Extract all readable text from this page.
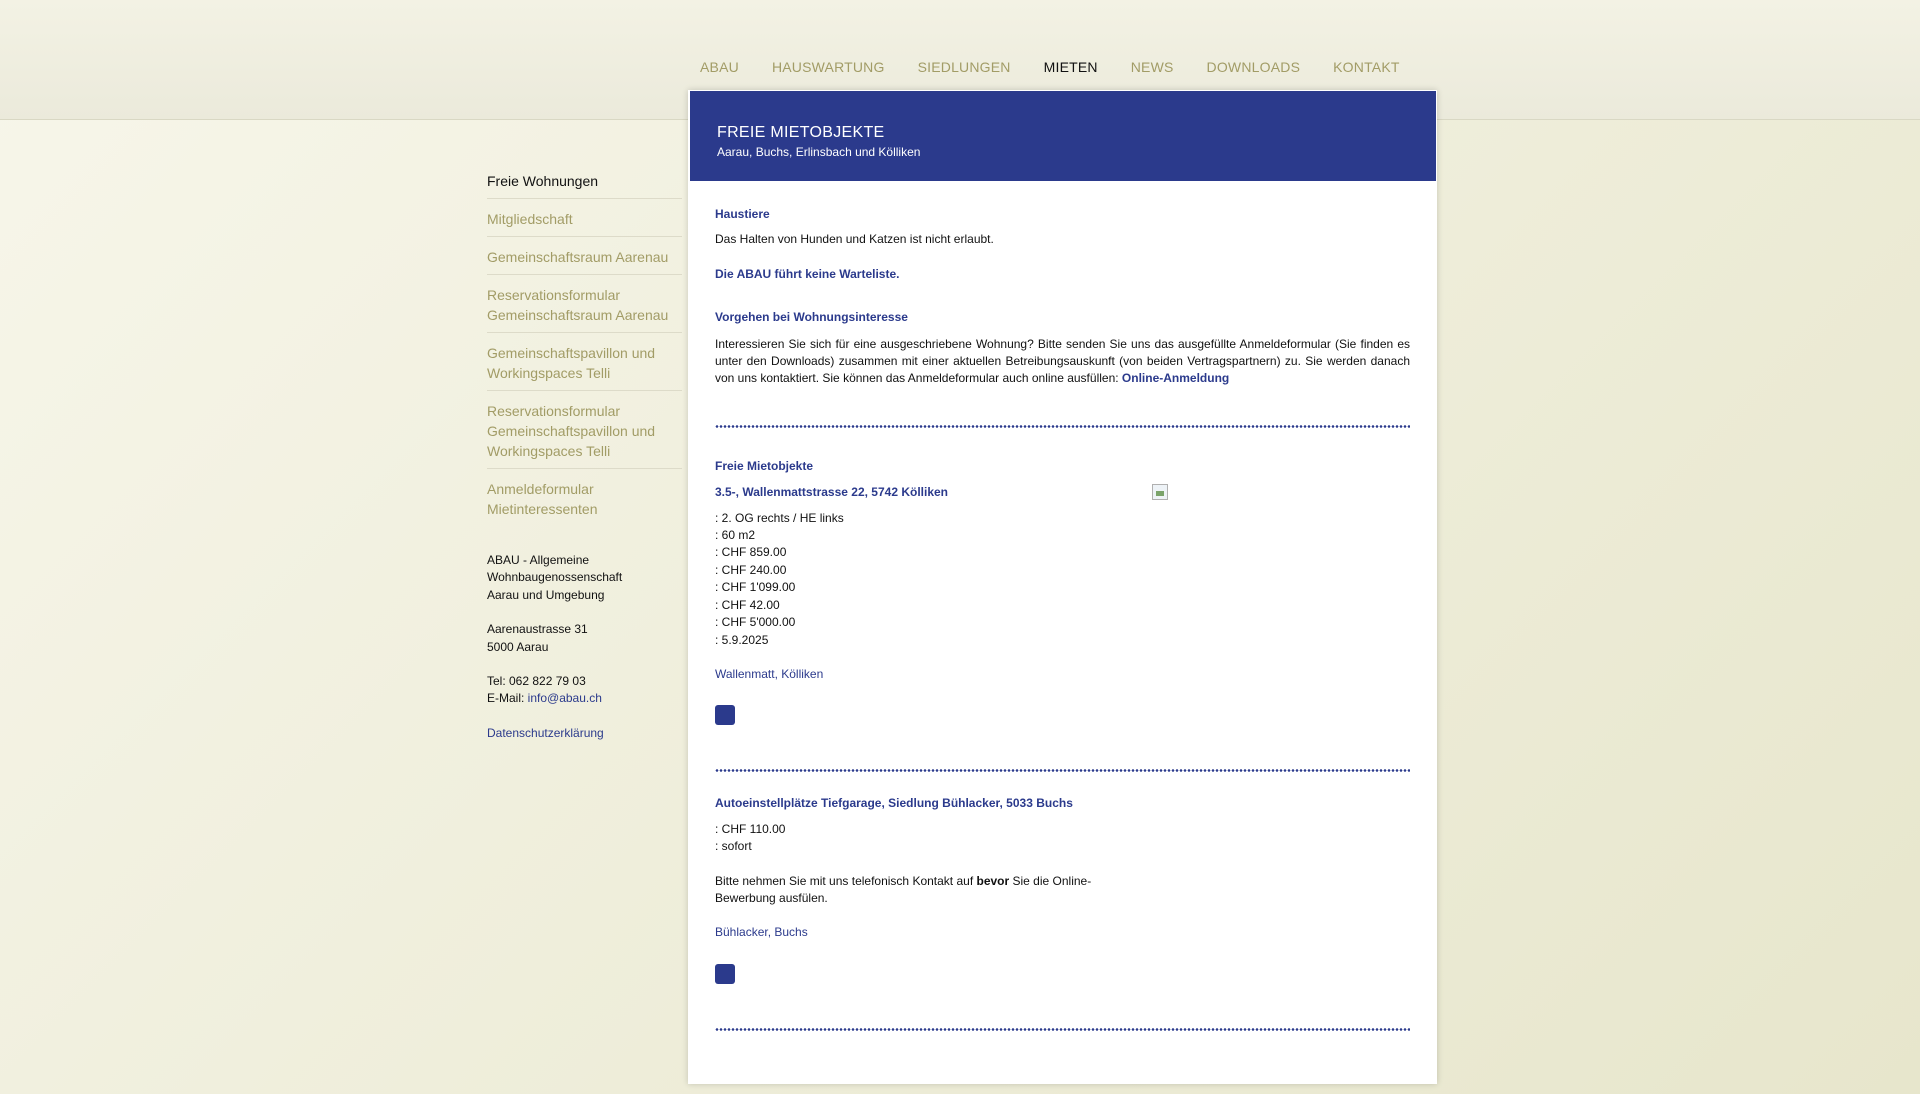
ABAU HAUSWARTUNG SIEDLUNGEN MIETEN NEWS DOWNLOADS KONTAKT
FREIE MIETOBJEKTE
Aarau, Buchs, Erlinsbach und Kölliken
Freie Wohnungen
Mitgliedschaft
Gemeinschaftsraum Aarenau
Reservationsformular Gemeinschaftsraum Aarenau
Gemeinschaftspavillon und Workingspaces Telli
Reservationsformular Gemeinschaftspavillon und Workingspaces Telli
Anmeldeformular Mietinteressenten
ABAU - Allgemeine
Wohnbaugenossenschaft
Aarau und Umgebung
Aarenaustrasse 31
5000 Aarau
Tel: 062 822 79 03
E-Mail: info@abau.ch
Datenschutzerklärung
Haustiere
Das Halten von Hunden und Katzen ist nicht erlaubt.
Die ABAU führt keine Warteliste.
Vorgehen bei Wohnungsinteresse

Interessieren Sie sich für eine ausgeschriebene Wohnung? Bitte senden Sie uns das ausgefüllte Anmeldeformular (Sie finden es unter den Downloads) zusammen mit einer aktuellen Betreibungsauskunft (von beiden Vertragspartnern) zu. Sie werden danach von uns kontaktiert. Sie können das Anmeldeformular auch online ausfüllen: Online-Anmeldung

Freie Mietobjekte
3.5-, Wallenmattstrasse 22, 5742 Kölliken
: 2. OG rechts / HE links
: 60 m2
: CHF 859.00
: CHF 240.00
: CHF 1'099.00
: CHF 42.00
: CHF 5'000.00
: 5.9.2025
Wallenmatt, Kölliken
Autoeinstellplätze Tiefgarage, Siedlung Bühlacker, 5033 Buchs
: CHF 110.00
: sofort
Bitte nehmen Sie mit uns telefonisch Kontakt auf bevor Sie die Online-Bewerbung ausfülen.
Bühlacker, Buchs
